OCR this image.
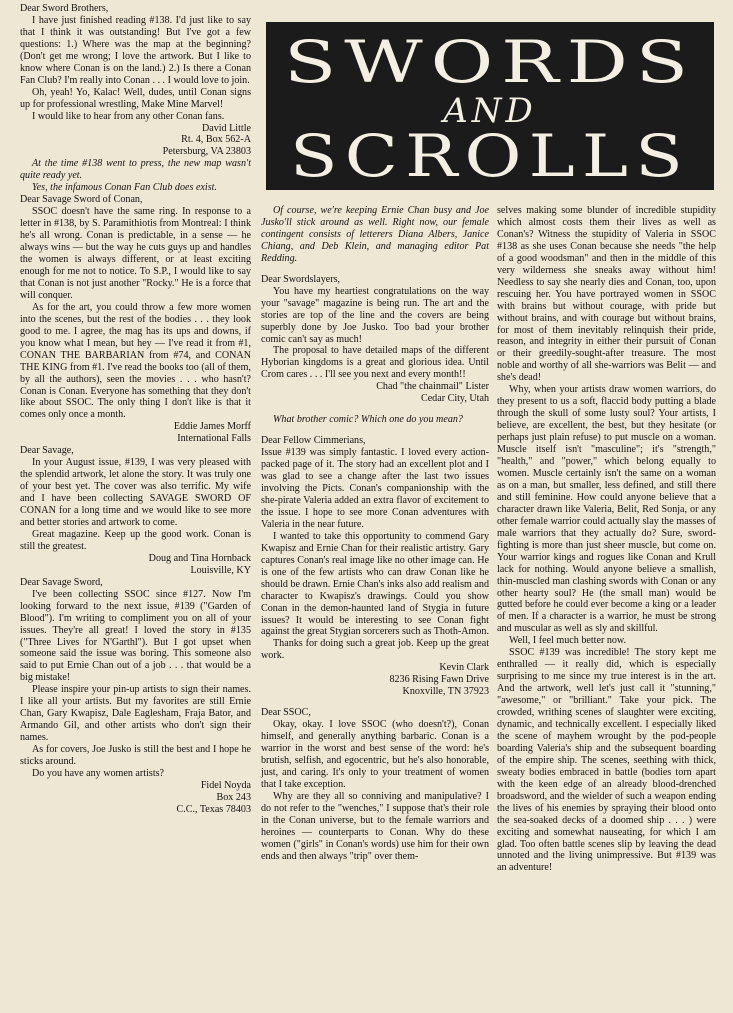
Dear Sword Brothers,

I have just finished reading #138. I'd just like to say that I think it was outstanding! But I've got a few questions: 1.) Where was the map at the beginning? (Don't get me wrong; I love the artwork. But I like to know where Conan is on the land.) 2.) Is there a Conan Fan Club? I'm really into Conan . . . I would love to join.

Oh, yeah! Yo, Kalac! Well, dudes, until Conan signs up for professional wrestling, Make Mine Marvel!

I would like to hear from any other Conan fans.

David Little

Rt. 4, Box 562-A

Petersburg, VA 23803

At the time #138 went to press, the new map wasn't quite ready yet.

Yes, the infamous Conan Fan Club does exist.

Dear Savage Sword of Conan,

SSOC doesn't have the same ring. In response to a letter in #138, by S. Paramithiotis from Montreal: I think he's all wrong. Conan is predictable, in a sense — he always wins — but the way he cuts guys up and handles the women is always different, or at least exciting enough for me not to notice. To S.P., I would like to say that Conan is not just another "Rocky." He is a force that will conquer.

As for the art, you could throw a few more women into the scenes, but the rest of the bodies . . . they look good to me. I agree, the mag has its ups and downs, if you know what I mean, but hey — I've read it from #1, CONAN THE BARBARIAN from #74, and CONAN THE KING from #1. I've read the books too (all of them, by all the authors), seen the movies . . . who hasn't? Conan is Conan. Everyone has something that they don't like about SSOC. The only thing I don't like is that it comes only once a month.

Eddie James Morff

International Falls

Dear Savage,

In your August issue, #139, I was very pleased with the splendid artwork, let alone the story. It was truly one of your best yet. The cover was also terrific. My wife and I have been collecting SAVAGE SWORD OF CONAN for a long time and we would like to see more and better stories and artwork to come.

Great magazine. Keep up the good work. Conan is still the greatest.

Doug and Tina Hornback

Louisville, KY

Dear Savage Sword,

I've been collecting SSOC since #127. Now I'm looking forward to the next issue, #139 ("Garden of Blood"). I'm writing to compliment you on all of your issues. They're all great! I loved the story in #135 ("Three Lives for N'Garthl"). But I got upset when someone said the issue was boring. This someone also said to put Ernie Chan out of a job . . . that would be a big mistake!

Please inspire your pin-up artists to sign their names. I like all your artists. But my favorites are still Ernie Chan, Gary Kwapisz, Dale Eaglesham, Fraja Bator, and Armando Gil, and other artists who don't sign their names.

As for covers, Joe Jusko is still the best and I hope he sticks around.

Do you have any women artists?

Fidel Noyda

Box 243

C.C., Texas 78403

SWORDS
AND
SCROLLS

Of course, we're keeping Ernie Chan busy and Joe Jusko'll stick around as well. Right now, our female contingent consists of letterers Diana Albers, Janice Chiang, and Deb Klein, and managing editor Pat Redding.

Dear Swordslayers,

You have my heartiest congratulations on the way your "savage" magazine is being run. The art and the stories are top of the line and the covers are being superbly done by Joe Jusko. Too bad your brother comic can't say as much!

The proposal to have detailed maps of the different Hyborian kingdoms is a great and glorious idea. Until Crom cares . . . I'll see you next and every month!!

Chad "the chainmail" Lister

Cedar City, Utah

What brother comic? Which one do you mean?

Dear Fellow Cimmerians,

Issue #139 was simply fantastic. I loved every action-packed page of it. The story had an excellent plot and I was glad to see a change after the last two issues involving the Picts. Conan's companionship with the she-pirate Valeria added an extra flavor of excitement to the issue. I hope to see more Conan adventures with Valeria in the near future.

I wanted to take this opportunity to commend Gary Kwapisz and Ernie Chan for their realistic artistry. Gary captures Conan's real image like no other image can. He is one of the few artists who can draw Conan like he should be drawn. Ernie Chan's inks also add realism and character to Kwapisz's drawings. Could you show Conan in the demon-haunted land of Stygia in future issues? It would be interesting to see Conan fight against the great Stygian sorcerers such as Thoth-Amon.

Thanks for doing such a great job. Keep up the great work.

Kevin Clark

8236 Rising Fawn Drive

Knoxville, TN 37923

Dear SSOC,

Okay, okay. I love SSOC (who doesn't?), Conan himself, and generally anything barbaric. Conan is a warrior in the worst and best sense of the word: he's brutish, selfish, and egocentric, but he's also honorable, just, and caring. It's only to your treatment of women that I take exception.

Why are they all so conniving and manipulative? I do not refer to the "wenches," I suppose that's their role in the Conan universe, but to the female warriors and heroines — counterparts to Conan. Why do these women ("girls" in Conan's words) use him for their own ends and then always "trip" over them-

selves making some blunder of incredible stupidity which almost costs them their lives as well as Conan's? Witness the stupidity of Valeria in SSOC #138 as she uses Conan because she needs "the help of a good woodsman" and then in the middle of this very wilderness she sneaks away without him! Needless to say she nearly dies and Conan, too, upon rescuing her. You have portrayed women in SSOC with brains but without courage, with pride but without brains, and with courage but without brains, for most of them inevitably relinquish their pride, reason, and integrity in either their pursuit of Conan or their greedily-sought-after treasure. The most noble and worthy of all she-warriors was Belit — and she's dead!

Why, when your artists draw women warriors, do they present to us a soft, flaccid body putting a blade through the skull of some lusty soul? Your artists, I believe, are excellent, the best, but they hesitate (or perhaps just plain refuse) to put muscle on a woman. Muscle itself isn't "masculine"; it's "strength," "health," and "power," which belong equally to women. Muscle certainly isn't the same on a woman as on a man, but smaller, less defined, and still there and still feminine. How could anyone believe that a character drawn like Valeria, Belit, Red Sonja, or any other female warrior could actually slay the masses of male warriors that they actually do? Sure, sword-fighting is more than just sheer muscle, but come on. Your warrior kings and rogues like Conan and Krull lack for nothing. Would anyone believe a smallish, thin-muscled man clashing swords with Conan or any other hearty soul? He (the small man) would be gutted before he could ever become a king or a leader of men. If a character is a warrior, he must be strong and muscular as well as sly and skillful.

Well, I feel much better now.

SSOC #139 was incredible! The story kept me enthralled — it really did, which is especially surprising to me since my true interest is in the art. And the artwork, well let's just call it "stunning," "awesome," or "brilliant." Take your pick. The crowded, writhing scenes of slaughter were exciting, dynamic, and technically excellent. I especially liked the scene of mayhem wrought by the pod-people boarding Valeria's ship and the subsequent boarding of the empire ship. The scenes, seething with thick, sweaty bodies embraced in battle (bodies torn apart with the keen edge of an already blood-drenched broadsword, and the wielder of such a weapon ending the lives of his enemies by spraying their blood onto the sea-soaked decks of a doomed ship . . . ) were exciting and somewhat nauseating, for which I am glad. Too often battle scenes slip by leaving the dead unnoted and the living unimpressive. But #139 was an adventure!
